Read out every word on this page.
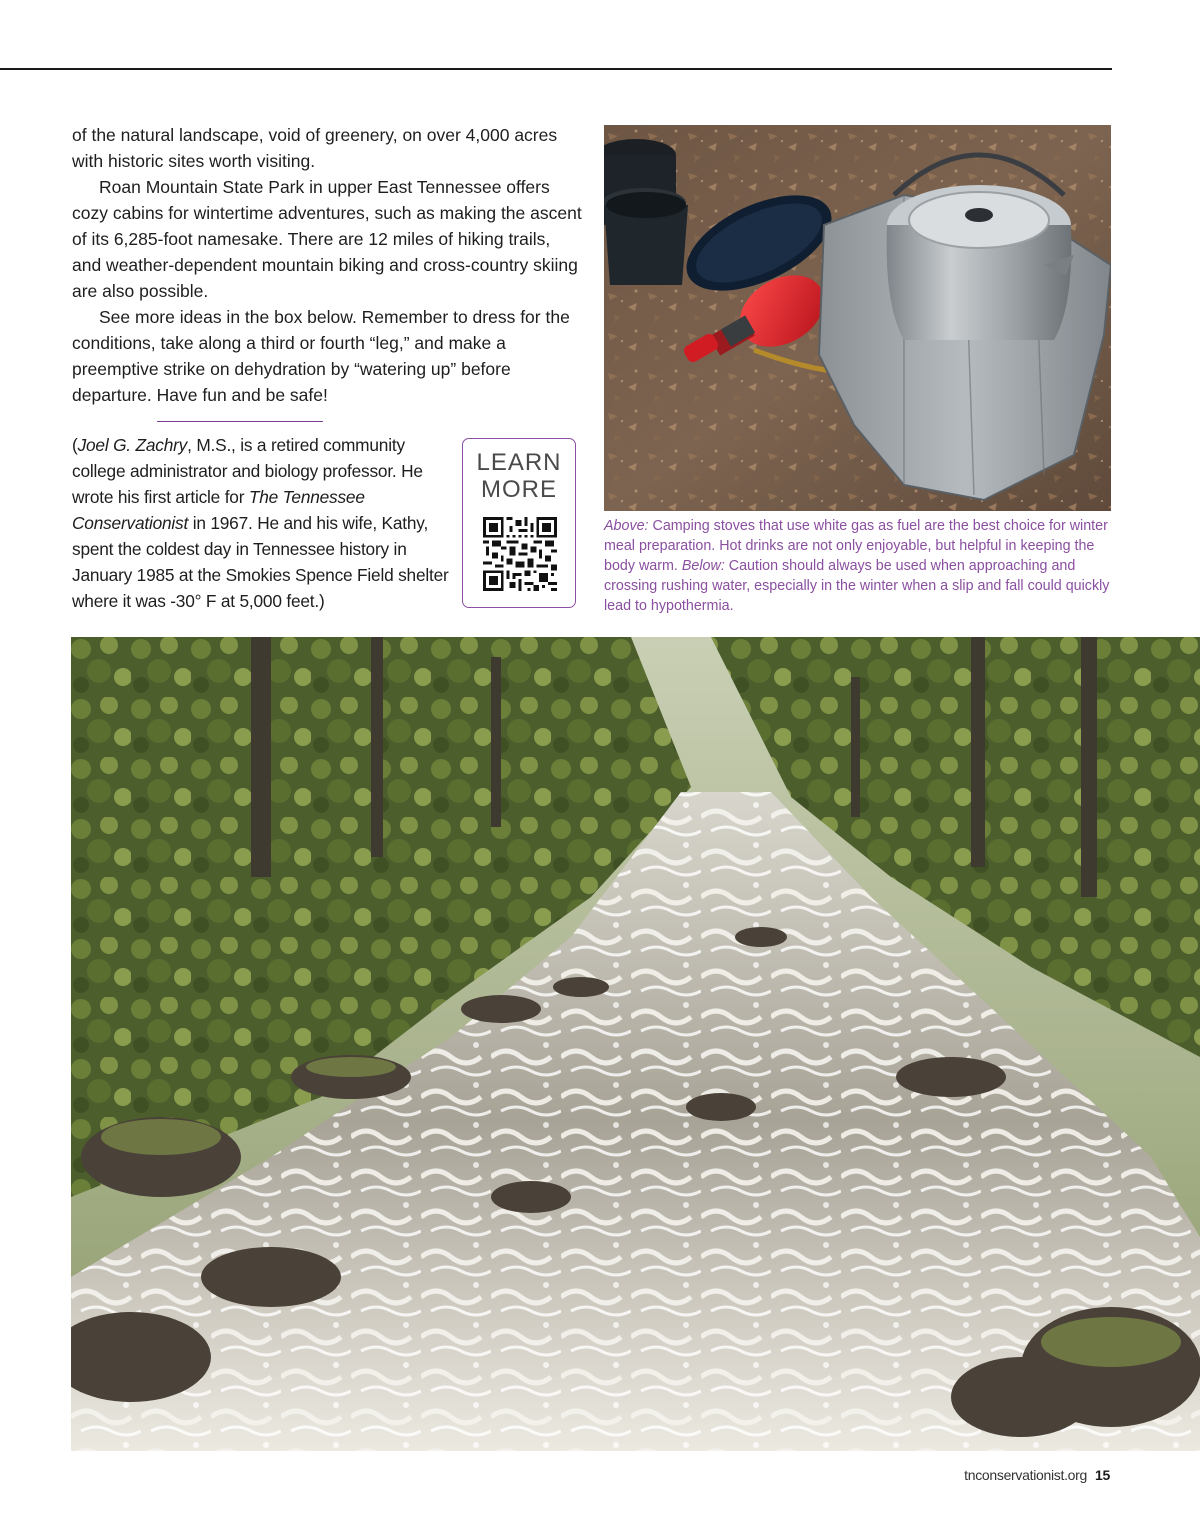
of the natural landscape, void of greenery, on over 4,000 acres with historic sites worth visiting.

Roan Mountain State Park in upper East Tennessee offers cozy cabins for wintertime adventures, such as making the ascent of its 6,285-foot namesake. There are 12 miles of hiking trails, and weather-dependent mountain biking and cross-country skiing are also possible.

See more ideas in the box below. Remember to dress for the conditions, take along a third or fourth “leg,” and make a preemptive strike on dehydration by “watering up” before departure. Have fun and be safe!

(Joel G. Zachry, M.S., is a retired community college administrator and biology professor. He wrote his first article for The Tennessee Conservationist in 1967. He and his wife, Kathy, spent the coldest day in Tennessee history in January 1985 at the Smokies Spence Field shelter where it was -30° F at 5,000 feet.)
LEARN
MORE
Above: Camping stoves that use white gas as fuel are the best choice for winter meal preparation. Hot drinks are not only enjoyable, but helpful in keeping the body warm. Below: Caution should always be used when approaching and crossing rushing water, especially in the winter when a slip and fall could quickly lead to hypothermia.
tnconservationist.org 15
